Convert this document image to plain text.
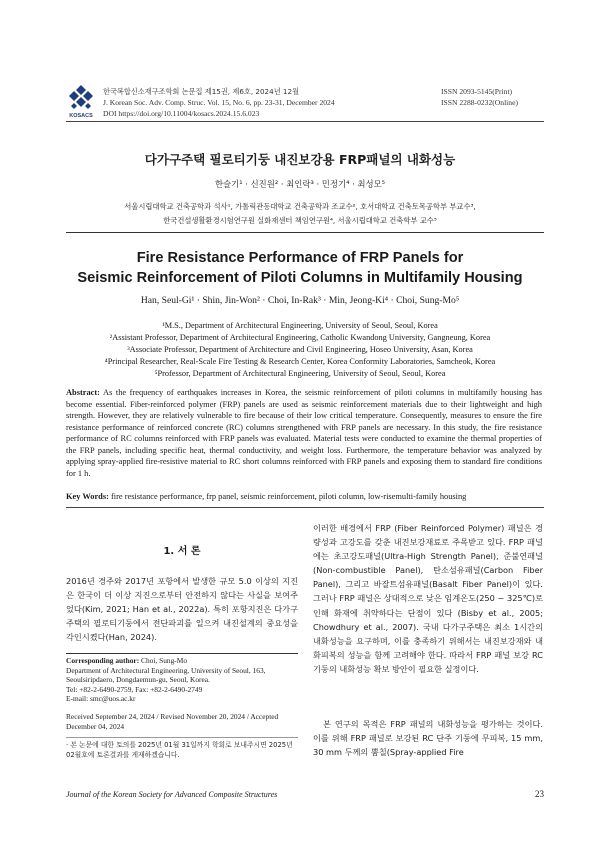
KOSACS
한국복합신소재구조학회 논문집 제15권, 제6호, 2024년 12월
J. Korean Soc. Adv. Comp. Struc. Vol. 15, No. 6, pp. 23-31, December 2024
DOI https://doi.org/10.11004/kosacs.2024.15.6.023
ISSN 2093-5145(Print)
ISSN 2288-0232(Online)
다가구주택 필로티기둥 내진보강용 FRP패널의 내화성능
한슬기¹ · 신진원² · 최인락³ · 민정기⁴ · 최성모⁵
서울시립대학교 건축공학과 석사¹, 가톨릭관동대학교 건축공학과 조교수², 호서대학교 건축토목공학부 부교수³,
한국건설생활환경시험연구원 실화재센터 책임연구원⁴, 서울시립대학교 건축학부 교수⁵
Fire Resistance Performance of FRP Panels for
Seismic Reinforcement of Piloti Columns in Multifamily Housing
Han, Seul-Gi¹ · Shin, Jin-Won² · Choi, In-Rak³ · Min, Jeong-Ki⁴ · Choi, Sung-Mo⁵
¹M.S., Department of Architectural Engineering, University of Seoul, Seoul, Korea
²Assistant Professor, Department of Architectural Engineering, Catholic Kwandong University, Gangneung, Korea
³Associate Professor, Department of Architecture and Civil Engineering, Hoseo University, Asan, Korea
⁴Principal Researcher, Real-Scale Fire Testing & Research Center, Korea Conformity Laboratories, Samcheok, Korea
⁵Professor, Department of Architectural Engineering, University of Seoul, Seoul, Korea
Abstract: As the frequency of earthquakes increases in Korea, the seismic reinforcement of piloti columns in multifamily housing has become essential. Fiber-reinforced polymer (FRP) panels are used as seismic reinforcement materials due to their lightweight and high strength. However, they are relatively vulnerable to fire because of their low critical temperature. Consequently, measures to ensure the fire resistance performance of reinforced concrete (RC) columns strengthened with FRP panels are necessary. In this study, the fire resistance performance of RC columns reinforced with FRP panels was evaluated. Material tests were conducted to examine the thermal properties of the FRP panels, including specific heat, thermal conductivity, and weight loss. Furthermore, the temperature behavior was analyzed by applying spray-applied fire-resistive material to RC short columns reinforced with FRP panels and exposing them to standard fire conditions for 1 h.
Key Words: fire resistance performance, frp panel, seismic reinforcement, piloti column, low-risemulti-family housing
1. 서 론
2016년 경주와 2017년 포항에서 발생한 규모 5.0 이상의 지진은 한국이 더 이상 지진으로부터 안전하지 않다는 사실을 보여주었다(Kim, 2021; Han et al., 2022a). 특히 포항지진은 다가구주택의 필로티기둥에서 전단파괴를 일으켜 내진설계의 중요성을 각인시켰다(Han, 2024).
Corresponding author: Choi, Sung-Mo
Department of Architectural Engineering, University of Seoul, 163, Seoulsiripdaero, Dongdaemun-gu, Seoul, Korea.
Tel: +82-2-6490-2759, Fax: +82-2-6490-2749
E-mail: smc@uos.ac.kr
Received September 24, 2024 / Revised November 20, 2024 / Accepted December 04, 2024
· 본 논문에 대한 토의를 2025년 01월 31일까지 학회로 보내주시면 2025년 02월호에 토론결과를 게재하겠습니다.
이러한 배경에서 FRP (Fiber Reinforced Polymer) 패널은 경량성과 고강도를 갖춘 내진보강재료로 주목받고 있다. FRP 패널에는 초고강도패널(Ultra-High Strength Panel), 준불연패널(Non-combustible Panel), 탄소섬유패널(Carbon Fiber Panel), 그리고 바잘트섬유패널(Basalt Fiber Panel)이 있다. 그러나 FRP 패널은 상대적으로 낮은 임계온도(250 ~ 325℃)로 인해 화재에 취약하다는 단점이 있다 (Bisby et al., 2005; Chowdhury et al., 2007). 국내 다가구주택은 최소 1시간의 내화성능을 요구하며, 이를 충족하기 위해서는 내진보강재와 내화피복의 성능을 함께 고려해야 한다. 따라서 FRP 패널 보강 RC 기둥의 내화성능 확보 방안이 필요한 실정이다.
본 연구의 목적은 FRP 패널의 내화성능을 평가하는 것이다. 이를 위해 FRP 패널로 보강된 RC 단주 기둥에 무피복, 15 mm, 30 mm 두께의 뿜칠(Spray-applied Fire
Journal of the Korean Society for Advanced Composite Structures	23
